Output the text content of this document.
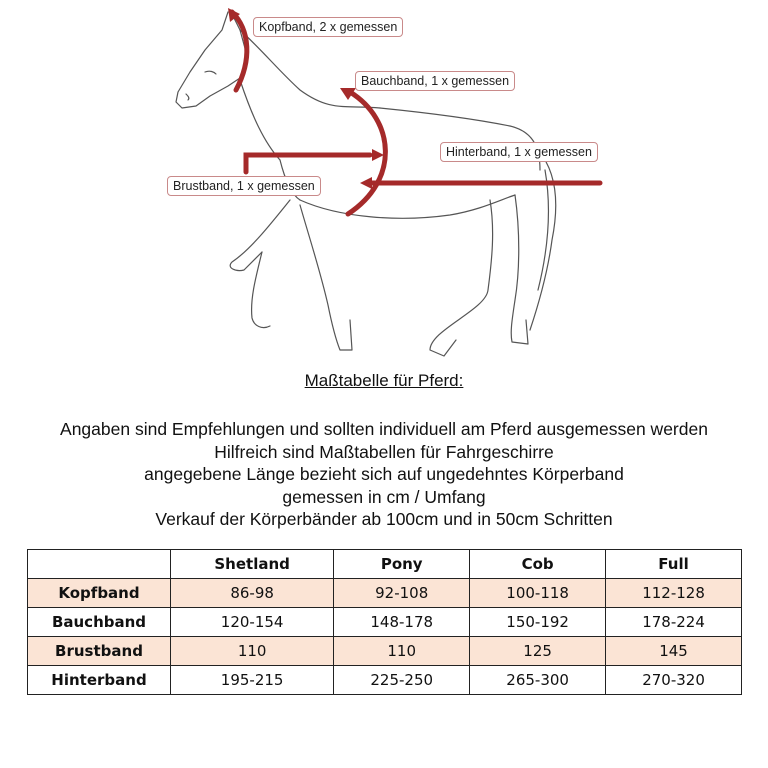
Kopfband, 2 x gemessen
Bauchband, 1 x gemessen
Hinterband, 1 x gemessen
Brustband, 1 x gemessen
Maßtabelle für Pferd:
Angaben sind Empfehlungen und sollten individuell am Pferd ausgemessen werden
Hilfreich sind Maßtabellen für Fahrgeschirre
angegebene Länge bezieht sich auf ungedehntes Körperband
gemessen in cm / Umfang
Verkauf der Körperbänder ab 100cm und in 50cm Schritten
	Shetland	Pony	Cob	Full
Kopfband	86-98	92-108	100-118	112-128
Bauchband	120-154	148-178	150-192	178-224
Brustband	110	110	125	145
Hinterband	195-215	225-250	265-300	270-320
